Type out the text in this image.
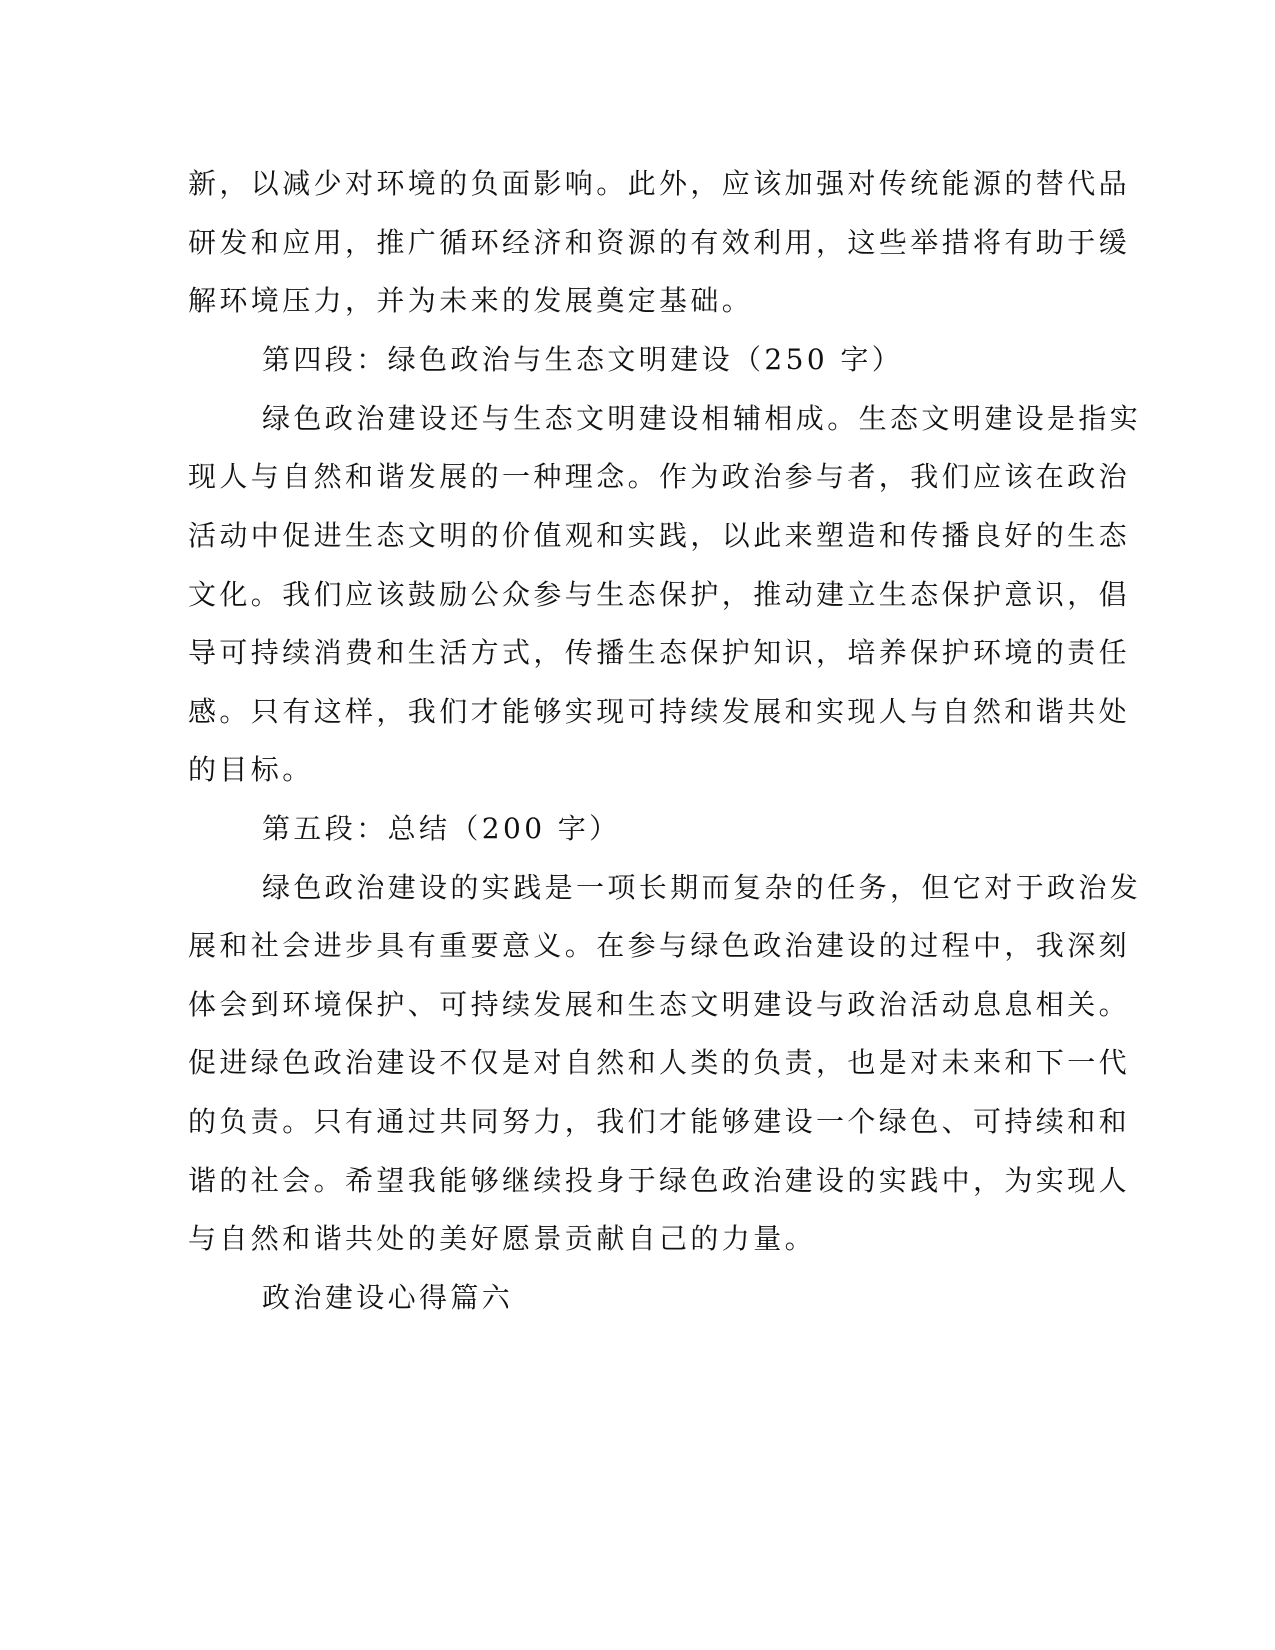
新，以减少对环境的负面影响。此外，应该加强对传统能源的替代品
研发和应用，推广循环经济和资源的有效利用，这些举措将有助于缓
解环境压力，并为未来的发展奠定基础。
第四段：绿色政治与生态文明建设（250 字）
绿色政治建设还与生态文明建设相辅相成。生态文明建设是指实
现人与自然和谐发展的一种理念。作为政治参与者，我们应该在政治
活动中促进生态文明的价值观和实践，以此来塑造和传播良好的生态
文化。我们应该鼓励公众参与生态保护，推动建立生态保护意识，倡
导可持续消费和生活方式，传播生态保护知识，培养保护环境的责任
感。只有这样，我们才能够实现可持续发展和实现人与自然和谐共处
的目标。
第五段：总结（200 字）
绿色政治建设的实践是一项长期而复杂的任务，但它对于政治发
展和社会进步具有重要意义。在参与绿色政治建设的过程中，我深刻
体会到环境保护、可持续发展和生态文明建设与政治活动息息相关。
促进绿色政治建设不仅是对自然和人类的负责，也是对未来和下一代
的负责。只有通过共同努力，我们才能够建设一个绿色、可持续和和
谐的社会。希望我能够继续投身于绿色政治建设的实践中，为实现人
与自然和谐共处的美好愿景贡献自己的力量。
政治建设心得篇六
